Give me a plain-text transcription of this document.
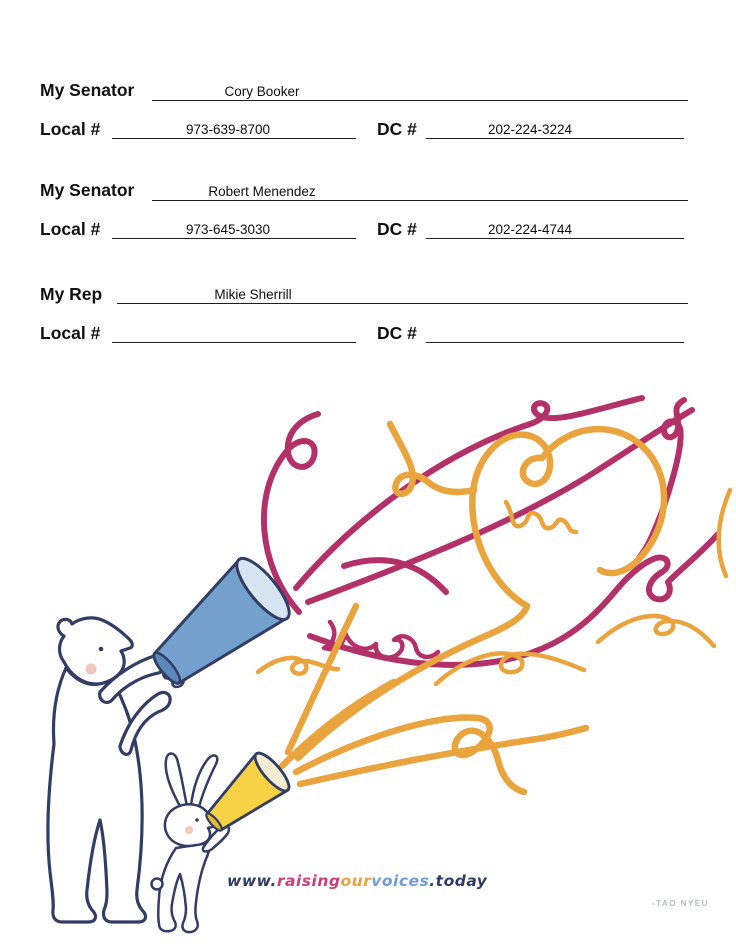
My Senator	Cory Booker
Local #	973-639-8700	DC #	202-224-3224
My Senator	Robert Menendez
Local #	973-645-3030	DC #	202-224-4744
My Rep	Mikie Sherrill
Local #	DC #
www.raisingourvoices.today
-TAO NYEU
